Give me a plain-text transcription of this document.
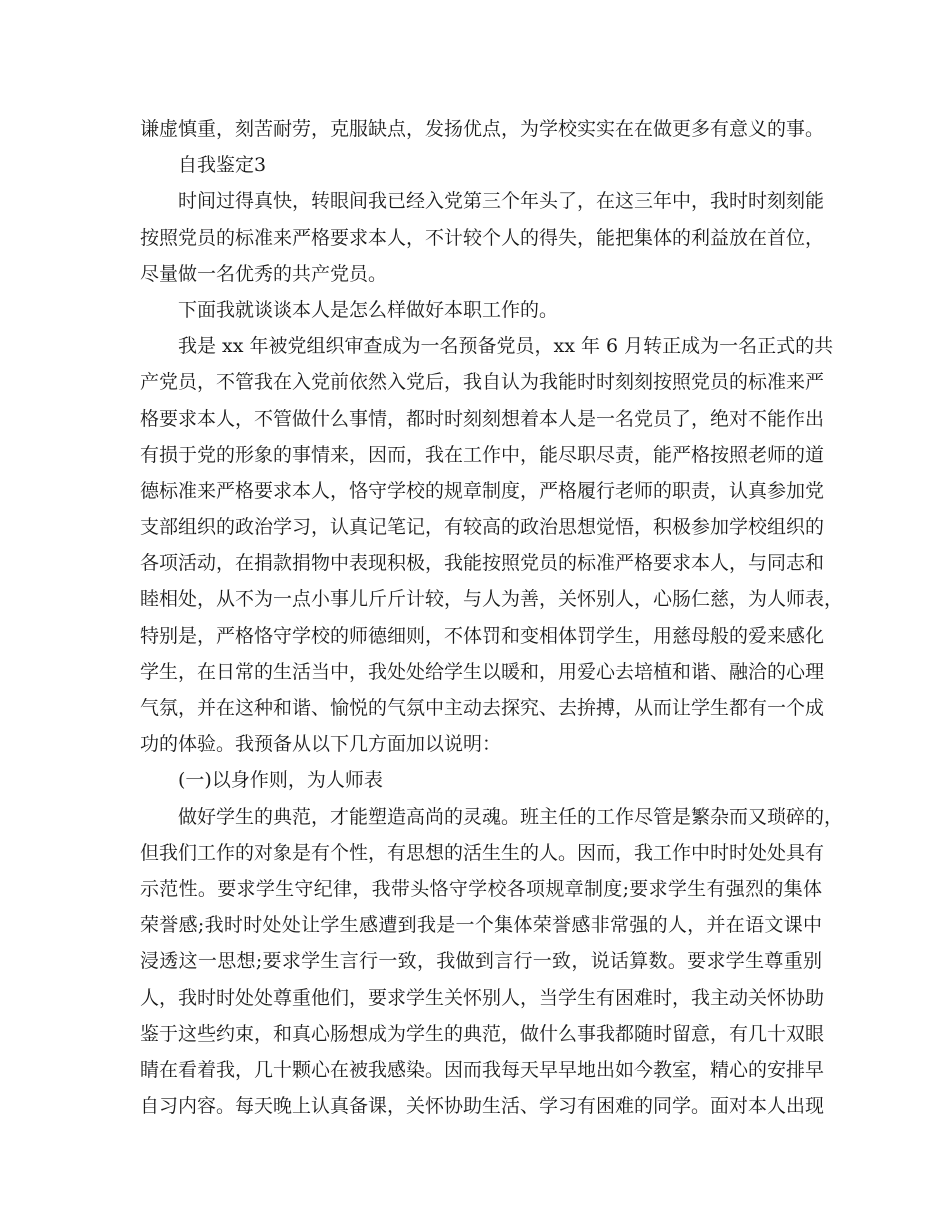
谦虚慎重，刻苦耐劳，克服缺点，发扬优点，为学校实实在在做更多有意义的事。
自我鉴定3
时间过得真快，转眼间我已经入党第三个年头了，在这三年中，我时时刻刻能
按照党员的标准来严格要求本人，不计较个人的得失，能把集体的利益放在首位，
尽量做一名优秀的共产党员。
下面我就谈谈本人是怎么样做好本职工作的。
我是 xx 年被党组织审查成为一名预备党员，xx 年 6 月转正成为一名正式的共
产党员，不管我在入党前依然入党后，我自认为我能时时刻刻按照党员的标准来严
格要求本人，不管做什么事情，都时时刻刻想着本人是一名党员了，绝对不能作出
有损于党的形象的事情来，因而，我在工作中，能尽职尽责，能严格按照老师的道
德标准来严格要求本人，恪守学校的规章制度，严格履行老师的职责，认真参加党
支部组织的政治学习，认真记笔记，有较高的政治思想觉悟，积极参加学校组织的
各项活动，在捐款捐物中表现积极，我能按照党员的标准严格要求本人，与同志和
睦相处，从不为一点小事儿斤斤计较，与人为善，关怀别人，心肠仁慈，为人师表，
特别是，严格恪守学校的师德细则，不体罚和变相体罚学生，用慈母般的爱来感化
学生，在日常的生活当中，我处处给学生以暖和，用爱心去培植和谐、融洽的心理
气氛，并在这种和谐、愉悦的气氛中主动去探究、去拚搏，从而让学生都有一个成
功的体验。我预备从以下几方面加以说明：
(一)以身作则，为人师表
做好学生的典范，才能塑造高尚的灵魂。班主任的工作尽管是繁杂而又琐碎的，
但我们工作的对象是有个性，有思想的活生生的人。因而，我工作中时时处处具有
示范性。要求学生守纪律，我带头恪守学校各项规章制度;要求学生有强烈的集体
荣誉感;我时时处处让学生感遭到我是一个集体荣誉感非常强的人，并在语文课中
浸透这一思想;要求学生言行一致，我做到言行一致，说话算数。要求学生尊重别
人，我时时处处尊重他们，要求学生关怀别人，当学生有困难时，我主动关怀协助
鉴于这些约束，和真心肠想成为学生的典范，做什么事我都随时留意，有几十双眼
睛在看着我，几十颗心在被我感染。因而我每天早早地出如今教室，精心的安排早
自习内容。每天晚上认真备课，关怀协助生活、学习有困难的同学。面对本人出现
